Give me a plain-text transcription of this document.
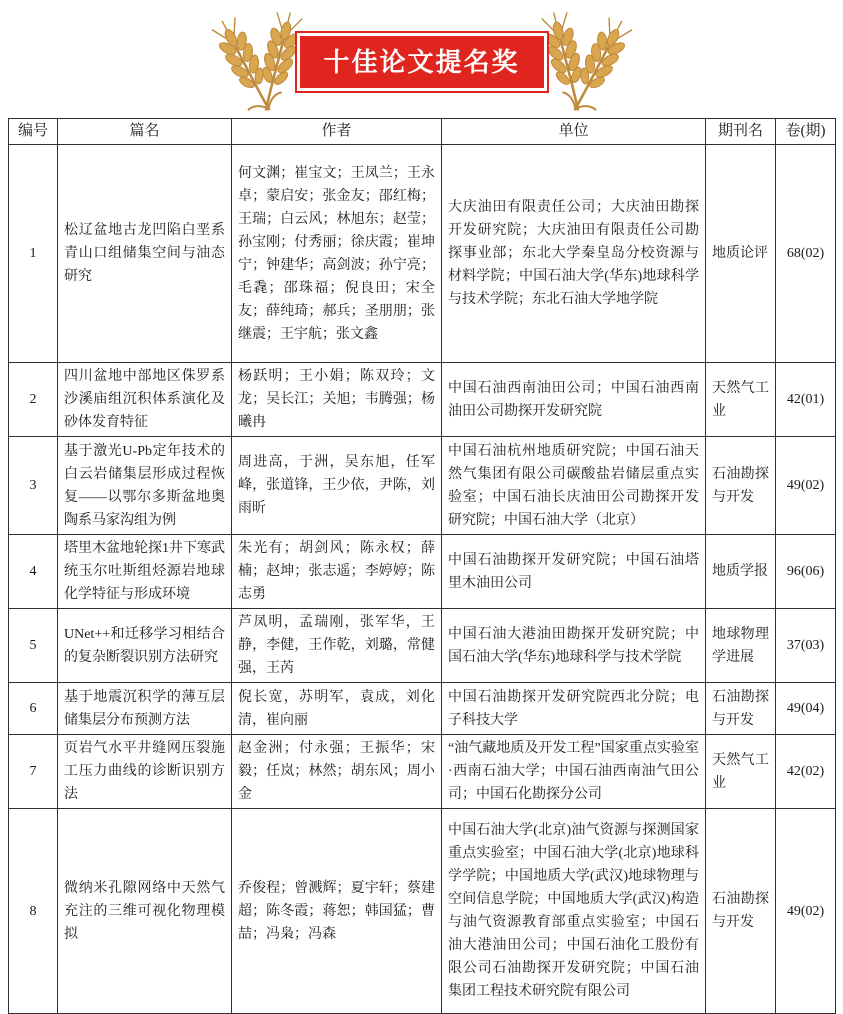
十佳论文提名奖
编号	篇名	作者	单位	期刊名	卷(期)
1	松辽盆地古龙凹陷白垩系青山口组储集空间与油态研究	何文渊；崔宝文；王凤兰；王永卓；蒙启安；张金友；邵红梅；王瑞；白云风；林旭东；赵莹；孙宝刚；付秀丽；徐庆霞；崔坤宁；钟建华；高剑波；孙宁亮；毛毳；邵珠福；倪良田；宋全友；薛纯琦；郝兵；圣朋朋；张继震；王宇航；张文鑫	大庆油田有限责任公司；大庆油田勘探开发研究院；大庆油田有限责任公司勘探事业部；东北大学秦皇岛分校资源与材料学院；中国石油大学(华东)地球科学与技术学院；东北石油大学地学院	地质论评	68(02)
2	四川盆地中部地区侏罗系沙溪庙组沉积体系演化及砂体发育特征	杨跃明；王小娟；陈双玲；文龙；吴长江；关旭；韦腾强；杨曦冉	中国石油西南油田公司；中国石油西南油田公司勘探开发研究院	天然气工业	42(01)
3	基于激光U-Pb定年技术的白云岩储集层形成过程恢复——以鄂尔多斯盆地奥陶系马家沟组为例	周进高，于洲，吴东旭，任军峰，张道锋，王少依，尹陈，刘雨昕	中国石油杭州地质研究院；中国石油天然气集团有限公司碳酸盐岩储层重点实验室；中国石油长庆油田公司勘探开发研究院；中国石油大学（北京）	石油勘探与开发	49(02)
4	塔里木盆地轮探1井下寒武统玉尔吐斯组烃源岩地球化学特征与形成环境	朱光有；胡剑风；陈永权；薛楠；赵坤；张志遥；李婷婷；陈志勇	中国石油勘探开发研究院；中国石油塔里木油田公司	地质学报	96(06)
5	UNet++和迁移学习相结合的复杂断裂识别方法研究	芦凤明，孟瑞刚，张军华，王静，李健，王作乾，刘璐，常健强，王芮	中国石油大港油田勘探开发研究院；中国石油大学(华东)地球科学与技术学院	地球物理学进展	37(03)
6	基于地震沉积学的薄互层储集层分布预测方法	倪长宽，苏明军，袁成，刘化清，崔向丽	中国石油勘探开发研究院西北分院；电子科技大学	石油勘探与开发	49(04)
7	页岩气水平井缝网压裂施工压力曲线的诊断识别方法	赵金洲；付永强；王振华；宋毅；任岚；林然；胡东风；周小金	“油气藏地质及开发工程”国家重点实验室·西南石油大学；中国石油西南油气田公司；中国石化勘探分公司	天然气工业	42(02)
8	微纳米孔隙网络中天然气充注的三维可视化物理模拟	乔俊程；曾溅辉；夏宇轩；蔡建超；陈冬霞；蒋恕；韩国猛；曹喆；冯枭；冯森	中国石油大学(北京)油气资源与探测国家重点实验室；中国石油大学(北京)地球科学学院；中国地质大学(武汉)地球物理与空间信息学院；中国地质大学(武汉)构造与油气资源教育部重点实验室；中国石油大港油田公司；中国石油化工股份有限公司石油勘探开发研究院；中国石油集团工程技术研究院有限公司	石油勘探与开发	49(02)
